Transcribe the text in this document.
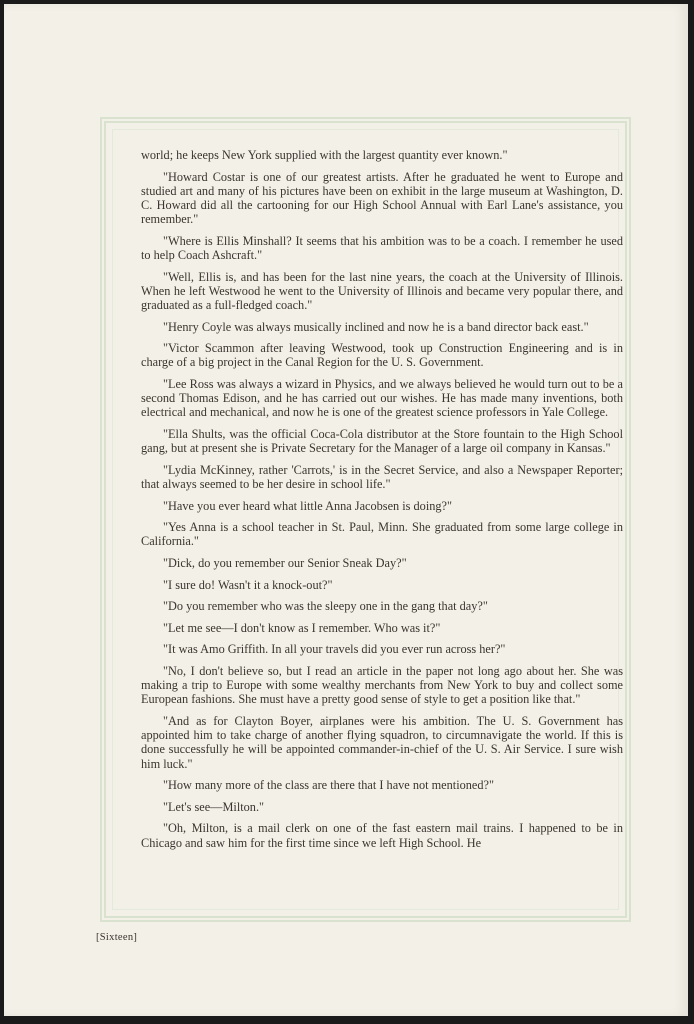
world; he keeps New York supplied with the largest quantity ever known."

"Howard Costar is one of our greatest artists. After he graduated he went to Europe and studied art and many of his pictures have been on exhibit in the large museum at Washington, D. C. Howard did all the cartooning for our High School Annual with Earl Lane's assistance, you remember."

"Where is Ellis Minshall? It seems that his ambition was to be a coach. I remember he used to help Coach Ashcraft."

"Well, Ellis is, and has been for the last nine years, the coach at the University of Illinois. When he left Westwood he went to the University of Illinois and became very popular there, and graduated as a full-fledged coach."

"Henry Coyle was always musically inclined and now he is a band director back east."

"Victor Scammon after leaving Westwood, took up Construction Engineering and is in charge of a big project in the Canal Region for the U. S. Government.

"Lee Ross was always a wizard in Physics, and we always believed he would turn out to be a second Thomas Edison, and he has carried out our wishes. He has made many inventions, both electrical and mechanical, and now he is one of the greatest science professors in Yale College.

"Ella Shults, was the official Coca-Cola distributor at the Store fountain to the High School gang, but at present she is Private Secretary for the Manager of a large oil company in Kansas."

"Lydia McKinney, rather 'Carrots,' is in the Secret Service, and also a Newspaper Reporter; that always seemed to be her desire in school life."

"Have you ever heard what little Anna Jacobsen is doing?"

"Yes Anna is a school teacher in St. Paul, Minn. She graduated from some large college in California."

"Dick, do you remember our Senior Sneak Day?"

"I sure do! Wasn't it a knock-out?"

"Do you remember who was the sleepy one in the gang that day?"

"Let me see—I don't know as I remember. Who was it?"

"It was Amo Griffith. In all your travels did you ever run across her?"

"No, I don't believe so, but I read an article in the paper not long ago about her. She was making a trip to Europe with some wealthy merchants from New York to buy and collect some European fashions. She must have a pretty good sense of style to get a position like that."

"And as for Clayton Boyer, airplanes were his ambition. The U. S. Government has appointed him to take charge of another flying squadron, to circumnavigate the world. If this is done successfully he will be appointed commander-in-chief of the U. S. Air Service. I sure wish him luck."

"How many more of the class are there that I have not mentioned?"

"Let's see—Milton."

"Oh, Milton, is a mail clerk on one of the fast eastern mail trains. I happened to be in Chicago and saw him for the first time since we left High School. He

[Sixteen]
